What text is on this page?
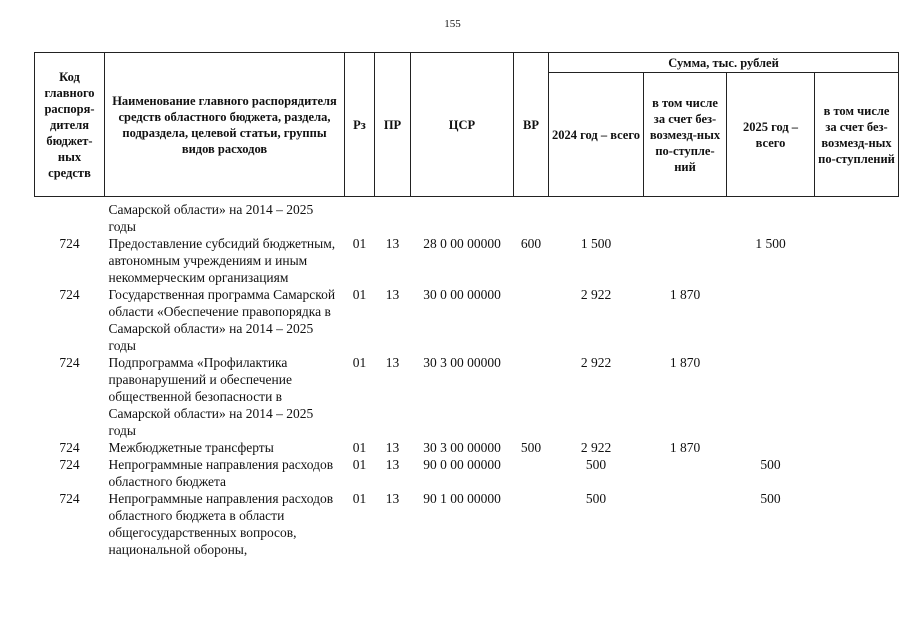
155
Код главного распоря-дителя бюджет-ных средств	Наименование главного распорядителя средств областного бюджета, раздела, подраздела, целевой статьи, группы видов расходов	Рз	ПР	ЦСР	ВР	Сумма, тыс. рублей			
						2024 год – всего	в том числе за счет без-возмезд-ных по-ступле-ний	2025 год – всего	в том числе за счет без-возмезд-ных по-ступлений

	Самарской области» на 2014 – 2025 годы								
724	Предоставление субсидий бюджетным, автономным учреждениям и иным некоммерческим организациям	01	13	28 0 00 00000	600	1 500		1 500	
724	Государственная программа Самарской области «Обеспечение правопорядка в Самарской области» на 2014 – 2025 годы	01	13	30 0 00 00000		2 922	1 870		
724	Подпрограмма «Профилактика правонарушений и обеспечение общественной безопасности в Самарской области» на 2014 – 2025 годы	01	13	30 3 00 00000		2 922	1 870		
724	Межбюджетные трансферты	01	13	30 3 00 00000	500	2 922	1 870		
724	Непрограммные направления расходов областного бюджета	01	13	90 0 00 00000		500		500	
724	Непрограммные направления расходов областного бюджета в области общегосударственных вопросов, национальной обороны,	01	13	90 1 00 00000		500		500	
